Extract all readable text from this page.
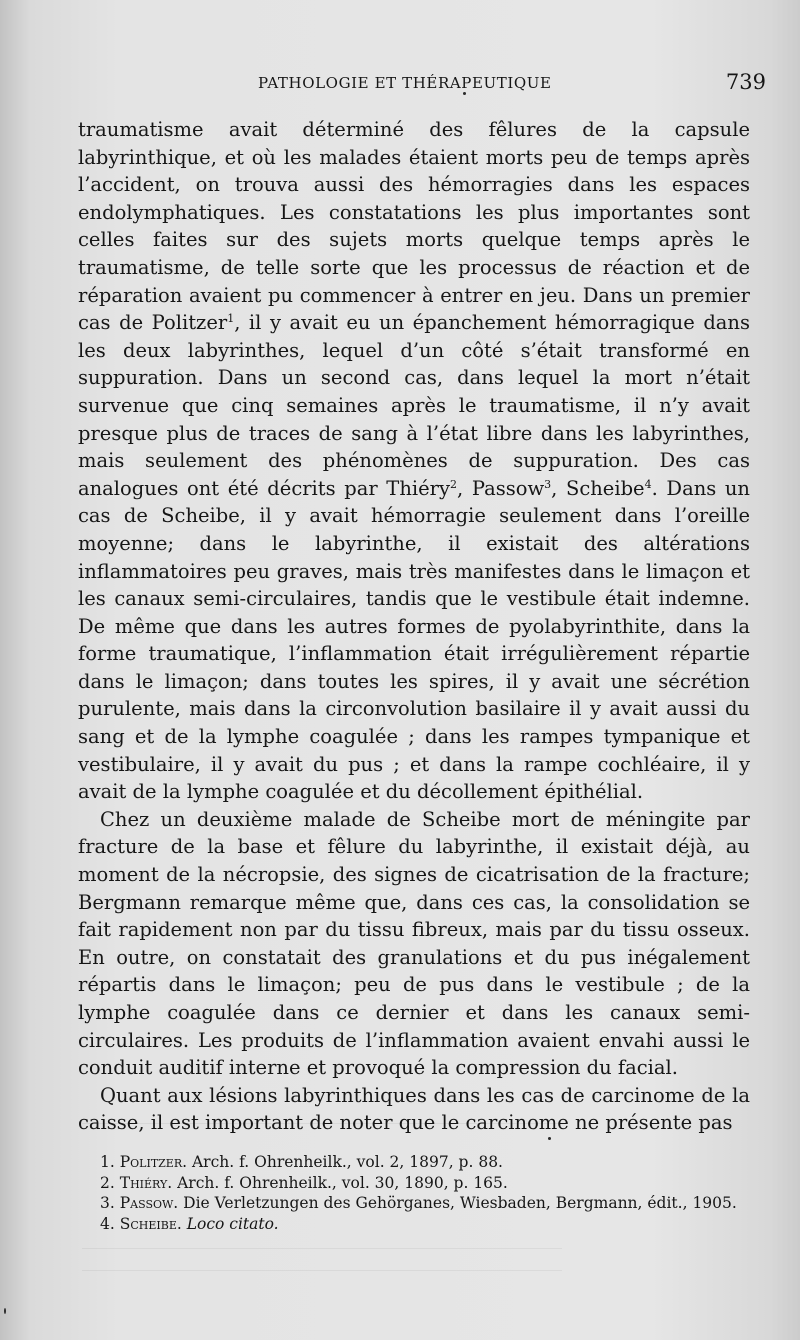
PATHOLOGIE ET THÉRAPEUTIQUE	739

traumatisme avait déterminé des fêlures de la capsule labyrinthique, et où les malades étaient morts peu de temps après l’accident, on trouva aussi des hémorragies dans les espaces endolymphatiques. Les constatations les plus importantes sont celles faites sur des sujets morts quelque temps après le traumatisme, de telle sorte que les processus de réaction et de réparation avaient pu commencer à entrer en jeu. Dans un premier cas de Politzer$^1$, il y avait eu un épanchement hémorragique dans les deux labyrinthes, lequel d’un côté s’était transformé en suppuration. Dans un second cas, dans lequel la mort n’était survenue que cinq semaines après le traumatisme, il n’y avait presque plus de traces de sang à l’état libre dans les labyrinthes, mais seulement des phénomènes de suppuration. Des cas analogues ont été décrits par Thiéry$^2$, Passow$^3$, Scheibe$^4$. Dans un cas de Scheibe, il y avait hémorragie seulement dans l’oreille moyenne; dans le labyrinthe, il existait des altérations inflammatoires peu graves, mais très manifestes dans le limaçon et les canaux semi-circulaires, tandis que le vestibule était indemne. De même que dans les autres formes de pyolabyrinthite, dans la forme traumatique, l’inflammation était irrégulièrement répartie dans le limaçon; dans toutes les spires, il y avait une sécrétion purulente, mais dans la circonvolution basilaire il y avait aussi du sang et de la lymphe coagulée ; dans les rampes tympanique et vestibulaire, il y avait du pus ; et dans la rampe cochléaire, il y avait de la lymphe coagulée et du décollement épithélial.

Chez un deuxième malade de Scheibe mort de méningite par fracture de la base et fêlure du labyrinthe, il existait déjà, au moment de la nécropsie, des signes de cicatrisation de la fracture; Bergmann remarque même que, dans ces cas, la consolidation se fait rapidement non par du tissu fibreux, mais par du tissu osseux. En outre, on constatait des granulations et du pus inégalement répartis dans le limaçon; peu de pus dans le vestibule ; de la lymphe coagulée dans ce dernier et dans les canaux semi-circulaires. Les produits de l’inflammation avaient envahi aussi le conduit auditif interne et provoqué la compression du facial.

Quant aux lésions labyrinthiques dans les cas de carcinome de la caisse, il est important de noter que le carcinome ne présente pas

1. Politzer. Arch. f. Ohrenheilk., vol. 2, 1897, p. 88.

2. Thiéry. Arch. f. Ohrenheilk., vol. 30, 1890, p. 165.

3. Passow. Die Verletzungen des Gehörganes, Wiesbaden, Bergmann, édit., 1905.

4. Scheibe. Loco citato.
